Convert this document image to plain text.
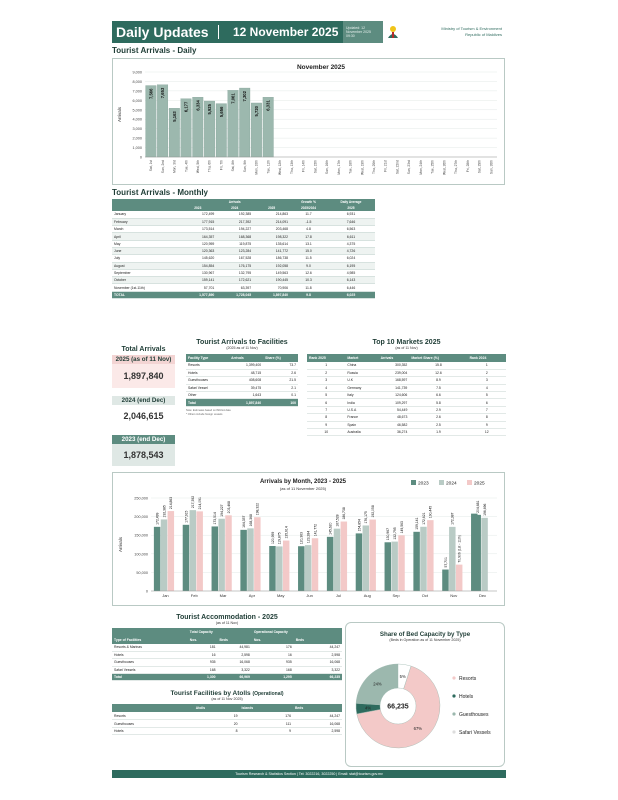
Daily Updates	12 November 2025	Updated: 12 November 2025 09:30
Ministry of Tourism & Environment
Republic of Maldives
Tourist Arrivals - Daily
November 2025
Arrivals
0
1,000
2,000
3,000
4,000
5,000
6,000
7,000
8,000
9,000
7,566
Sat, 1st
7,653
Sun, 2nd
5,163
Mon, 3rd
6,177
Tue, 4th
6,334
Wed, 5th
5,925
Thu, 6th
5,656
Fri, 7th
7,061
Sat, 8th
7,302
Sun, 9th
5,720
Mon, 10th
6,331
Tue, 11th Wed, 12th Thu, 13th Fri, 14th Sat, 15th Sun, 16th Mon, 17th Tue, 18th Wed, 19th Thu, 20th Fri, 21st Sat, 22nd Sun, 23rd Mon, 24th Tue, 25th Wed, 26th Thu, 27th Fri, 28th Sat, 29th Sun, 30th
Tourist Arrivals - Monthly
	Arrivals			Growth %	Daily Average
	2023	2024	2025	2025/2024	2025
January	172,499	192,385	214,863	11.7	6,931
February	177,915	217,392	214,091	-1.5	7,646
March	173,514	194,227	203,468	4.8	6,563
April	164,357	168,368	198,322	17.8	6,611
May	120,959	119,875	135,614	13.1	4,375
June	120,363	123,284	141,772	15.0	4,726
July	145,620	167,528	186,738	11.5	6,024
August	154,854	176,175	192,058	9.0	6,195
September	130,967	132,795	149,563	12.6	4,985
October	159,141	172,621	190,445	10.3	6,143
November (1st-11th)	57,701	63,397	70,906	11.8	6,446
TOTAL	1,577,890	1,728,045	1,897,840	9.8	6,025
Total Arrivals
2025 (as of 11 Nov)
1,897,840
2024 (end Dec)
2,046,615
2023 (end Dec)
1,878,543
Tourist Arrivals to Facilities
(2025 as of 11 Nov)
Facility Type	Arrivals	Share (%)
Resorts	1,399,400	73.7
Hotels	48,715	2.6
Guesthouses	408,608	21.5
Safari Vessel	39,475	2.1
Other	1,643	0.1
Total	1,897,840	100
Note: Estimates based on IMUGA data
* Others include foreign vessels
Top 10 Markets 2025
(as of 11 Nov)
Rank 2025	Market	Arrivals	Market Share (%)	Rank 2024
1	China	300,352	15.8	1
2	Russia	239,004	12.6	2
3	U.K	168,597	8.9	3
4	Germany	141,739	7.5	4
5	Italy	124,606	6.6	5
6	India	109,297	5.8	6
7	U.S.A	54,449	2.9	7
8	France	48,673	2.6	8
9	Spain	46,582	2.5	9
10	Australia	36,274	1.9	12
Arrivals by Month, 2023 - 2025
(as of 11 November 2025)
2023	2024	2025
Arrivals
0
50,000
100,000
150,000
200,000
250,000
172,499
192,385
214,863
Jan
177,915
217,392 214,091
Feb
173,514
194,227 203,468
Mar
164,357 168,368
198,322
Apr
120,959 119,875 135,614
May
120,363 123,284
141,772
Jun
145,620
167,528
186,738
Jul
154,854
176,175 192,058
Aug
130,967 132,795
149,563
Sep
159,141 172,621
190,445
Oct
57,701
172,387
70,906 (1st - 11th)
Nov
204,681 196,696
Dec
Tourist Accommodation - 2025
(as of 11 Nov)
	Total Capacity		Operational Capacity	
Type of Facilities	Nos.	Beds	Nos.	Beds
Resorts & Marinas	181	44,981	176	44,247
Hotels	16	2,598	16	2,598
Guesthouses	935	16,068	935	16,068
Safari Vessels	168	3,322	168	3,322
Total	1,300	66,969	1,295	66,235
Tourist Facilities by Atolls (Operational)
(as of 11 Nov 2025)
	Atolls	Islands	Beds
Resorts	19	176	44,247
Guesthouses	20	111	16,068
Hotels	8	9	2,598
Share of Bed Capacity by Type
(Beds in Operation as of 11 November 2025)
67%
4%
24%
5%
66,235
Resorts
Hotels
Guesthouses
Safari Vessels
Tourism Research & Statistics Section | Tel: 3022216, 3022250 | Email: stat@tourism.gov.mv
